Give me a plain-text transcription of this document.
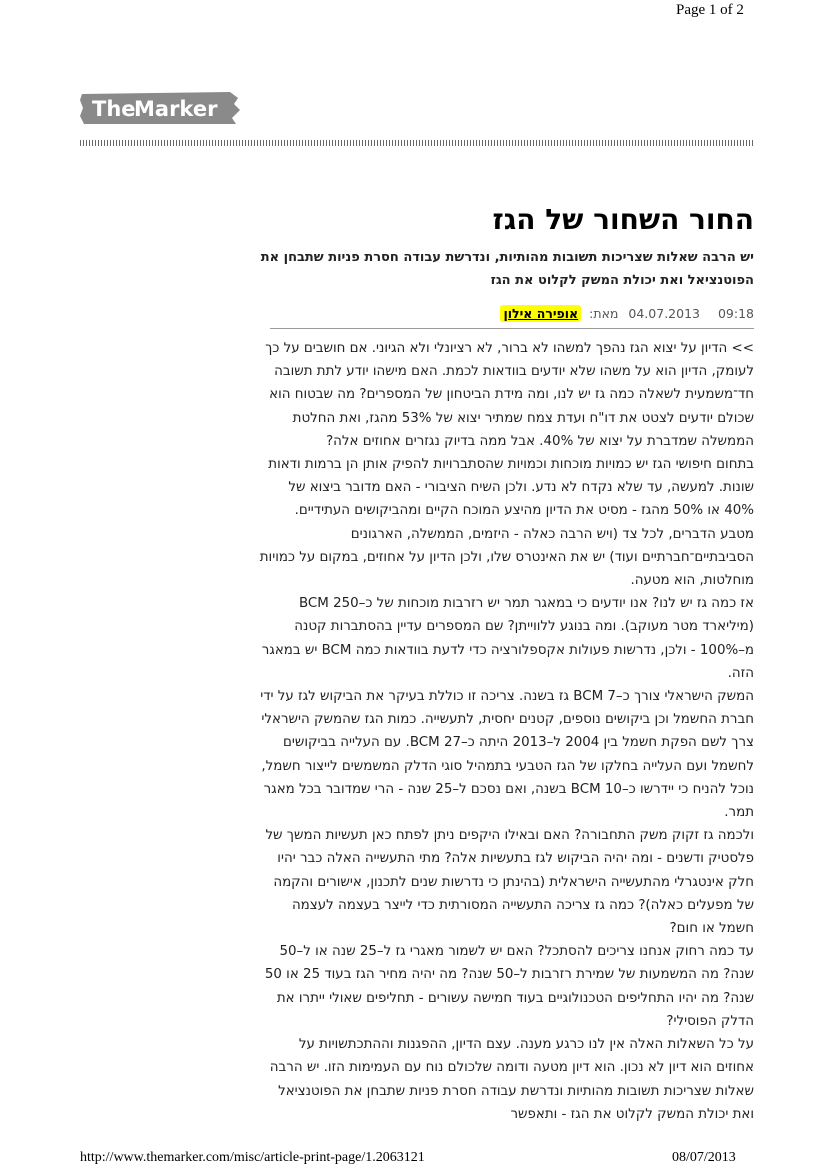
Page 1 of 2
The
Marker
החור השחור של הגז

יש הרבה שאלות שצריכות תשובות מהותיות, ונדרשת עבודה חסרת פניות שתבחן את הפוטנציאל ואת יכולת המשק לקלוט את הגז

09:18 04.07.2013 מאת: אופירה אילון

>> הדיון על יצוא הגז נהפך למשהו לא ברור, לא רציונלי ולא הגיוני. אם חושבים על כך לעומק, הדיון הוא על משהו שלא יודעים בוודאות לכמת. האם מישהו יודע לתת תשובה חד־משמעית לשאלה כמה גז יש לנו, ומה מידת הביטחון של המספרים? מה שבטוח הוא שכולם יודעים לצטט את דו"ח ועדת צמח שמתיר יצוא של 53% מהגז, ואת החלטת הממשלה שמדברת על יצוא של 40%. אבל ממה בדיוק נגזרים אחוזים אלה?

בתחום חיפושי הגז יש כמויות מוכחות וכמויות שהסתברויות להפיק אותן הן ברמות ודאות שונות. למעשה, עד שלא נקדח לא נדע. ולכן השיח הציבורי - האם מדובר ביצוא של 40% או 50% מהגז - מסיט את הדיון מהיצע המוכח הקיים ומהביקושים העתידיים. מטבע הדברים, לכל צד (ויש הרבה כאלה - היזמים, הממשלה, הארגונים הסביבתיים־חברתיים ועוד) יש את האינטרס שלו, ולכן הדיון על אחוזים, במקום על כמויות מוחלטות, הוא מטעה.

אז כמה גז יש לנו? אנו יודעים כי במאגר תמר יש רזרבות מוכחות של כ–250 BCM (מיליארד מטר מעוקב). ומה בנוגע ללווייתן? שם המספרים עדיין בהסתברות קטנה מ–100% - ולכן, נדרשות פעולות אקספלורציה כדי לדעת בוודאות כמה BCM יש במאגר הזה.

המשק הישראלי צורך כ–7 BCM גז בשנה. צריכה זו כוללת בעיקר את הביקוש לגז על ידי חברת החשמל וכן ביקושים נוספים, קטנים יחסית, לתעשייה. כמות הגז שהמשק הישראלי צרך לשם הפקת חשמל בין 2004 ל–2013 היתה כ–27 BCM. עם העלייה בביקושים לחשמל ועם העלייה בחלקו של הגז הטבעי בתמהיל סוגי הדלק המשמשים לייצור חשמל, נוכל להניח כי יידרשו כ–10 BCM בשנה, ואם נסכם ל–25 שנה - הרי שמדובר בכל מאגר תמר.

ולכמה גז זקוק משק התחבורה? האם ובאילו היקפים ניתן לפתח כאן תעשיות המשך של פלסטיק ודשנים - ומה יהיה הביקוש לגז בתעשיות אלה? מתי התעשייה האלה כבר יהיו חלק אינטגרלי מהתעשייה הישראלית (בהינתן כי נדרשות שנים לתכנון, אישורים והקמה של מפעלים כאלה)? כמה גז צריכה התעשייה המסורתית כדי לייצר בעצמה לעצמה חשמל או חום?

עד כמה רחוק אנחנו צריכים להסתכל? האם יש לשמור מאגרי גז ל–25 שנה או ל–50 שנה? מה המשמעות של שמירת רזרבות ל–50 שנה? מה יהיה מחיר הגז בעוד 25 או 50 שנה? מה יהיו התחליפים הטכנולוגיים בעוד חמישה עשורים - תחליפים שאולי ייתרו את הדלק הפוסילי?

על כל השאלות האלה אין לנו כרגע מענה. עצם הדיון, ההפגנות וההתכתשויות על אחוזים הוא דיון לא נכון. הוא דיון מטעה ודומה שלכולם נוח עם העמימות הזו. יש הרבה שאלות שצריכות תשובות מהותיות ונדרשת עבודה חסרת פניות שתבחן את הפוטנציאל ואת יכולת המשק לקלוט את הגז - ותאפשר

http://www.themarker.com/misc/article-print-page/1.2063121	08/07/2013
